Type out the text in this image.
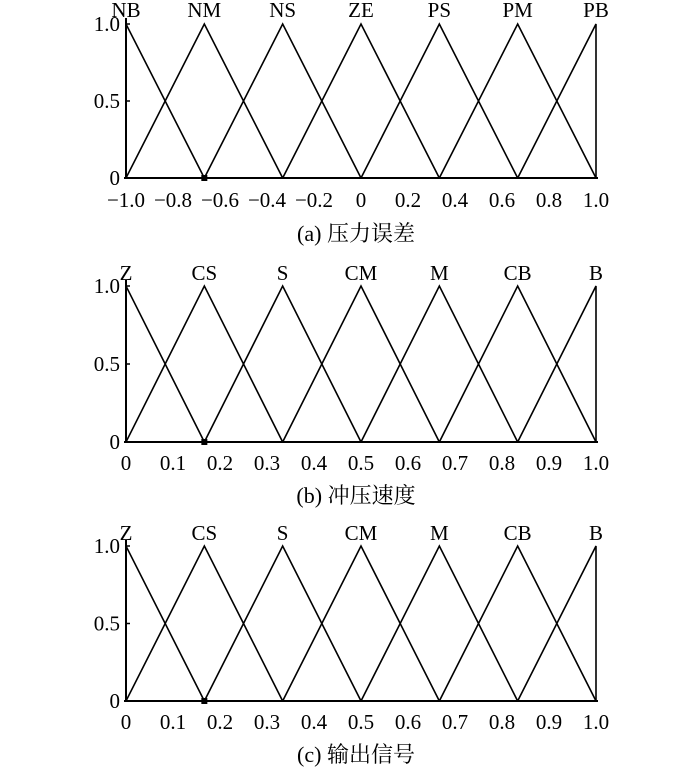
0
0.5
1.0
−1.0 −0.8 −0.6 −0.4 −0.2 0 0.2 0.4 0.6 0.8 1.0
NB NM NS ZE	PS PM PB
(a) 压力误差
0
0.5
1.0
0 0.1 0.2 0.3 0.4 0.5 0.6 0.7 0.8 0.9 1.0
Z	CS	S	CM	M	CB	B
(b) 冲压速度
0
0.5
1.0
0 0.1 0.2 0.3 0.4 0.5 0.6 0.7 0.8 0.9 1.0
Z	CS	S	CM	M	CB	B
(c) 输出信号
